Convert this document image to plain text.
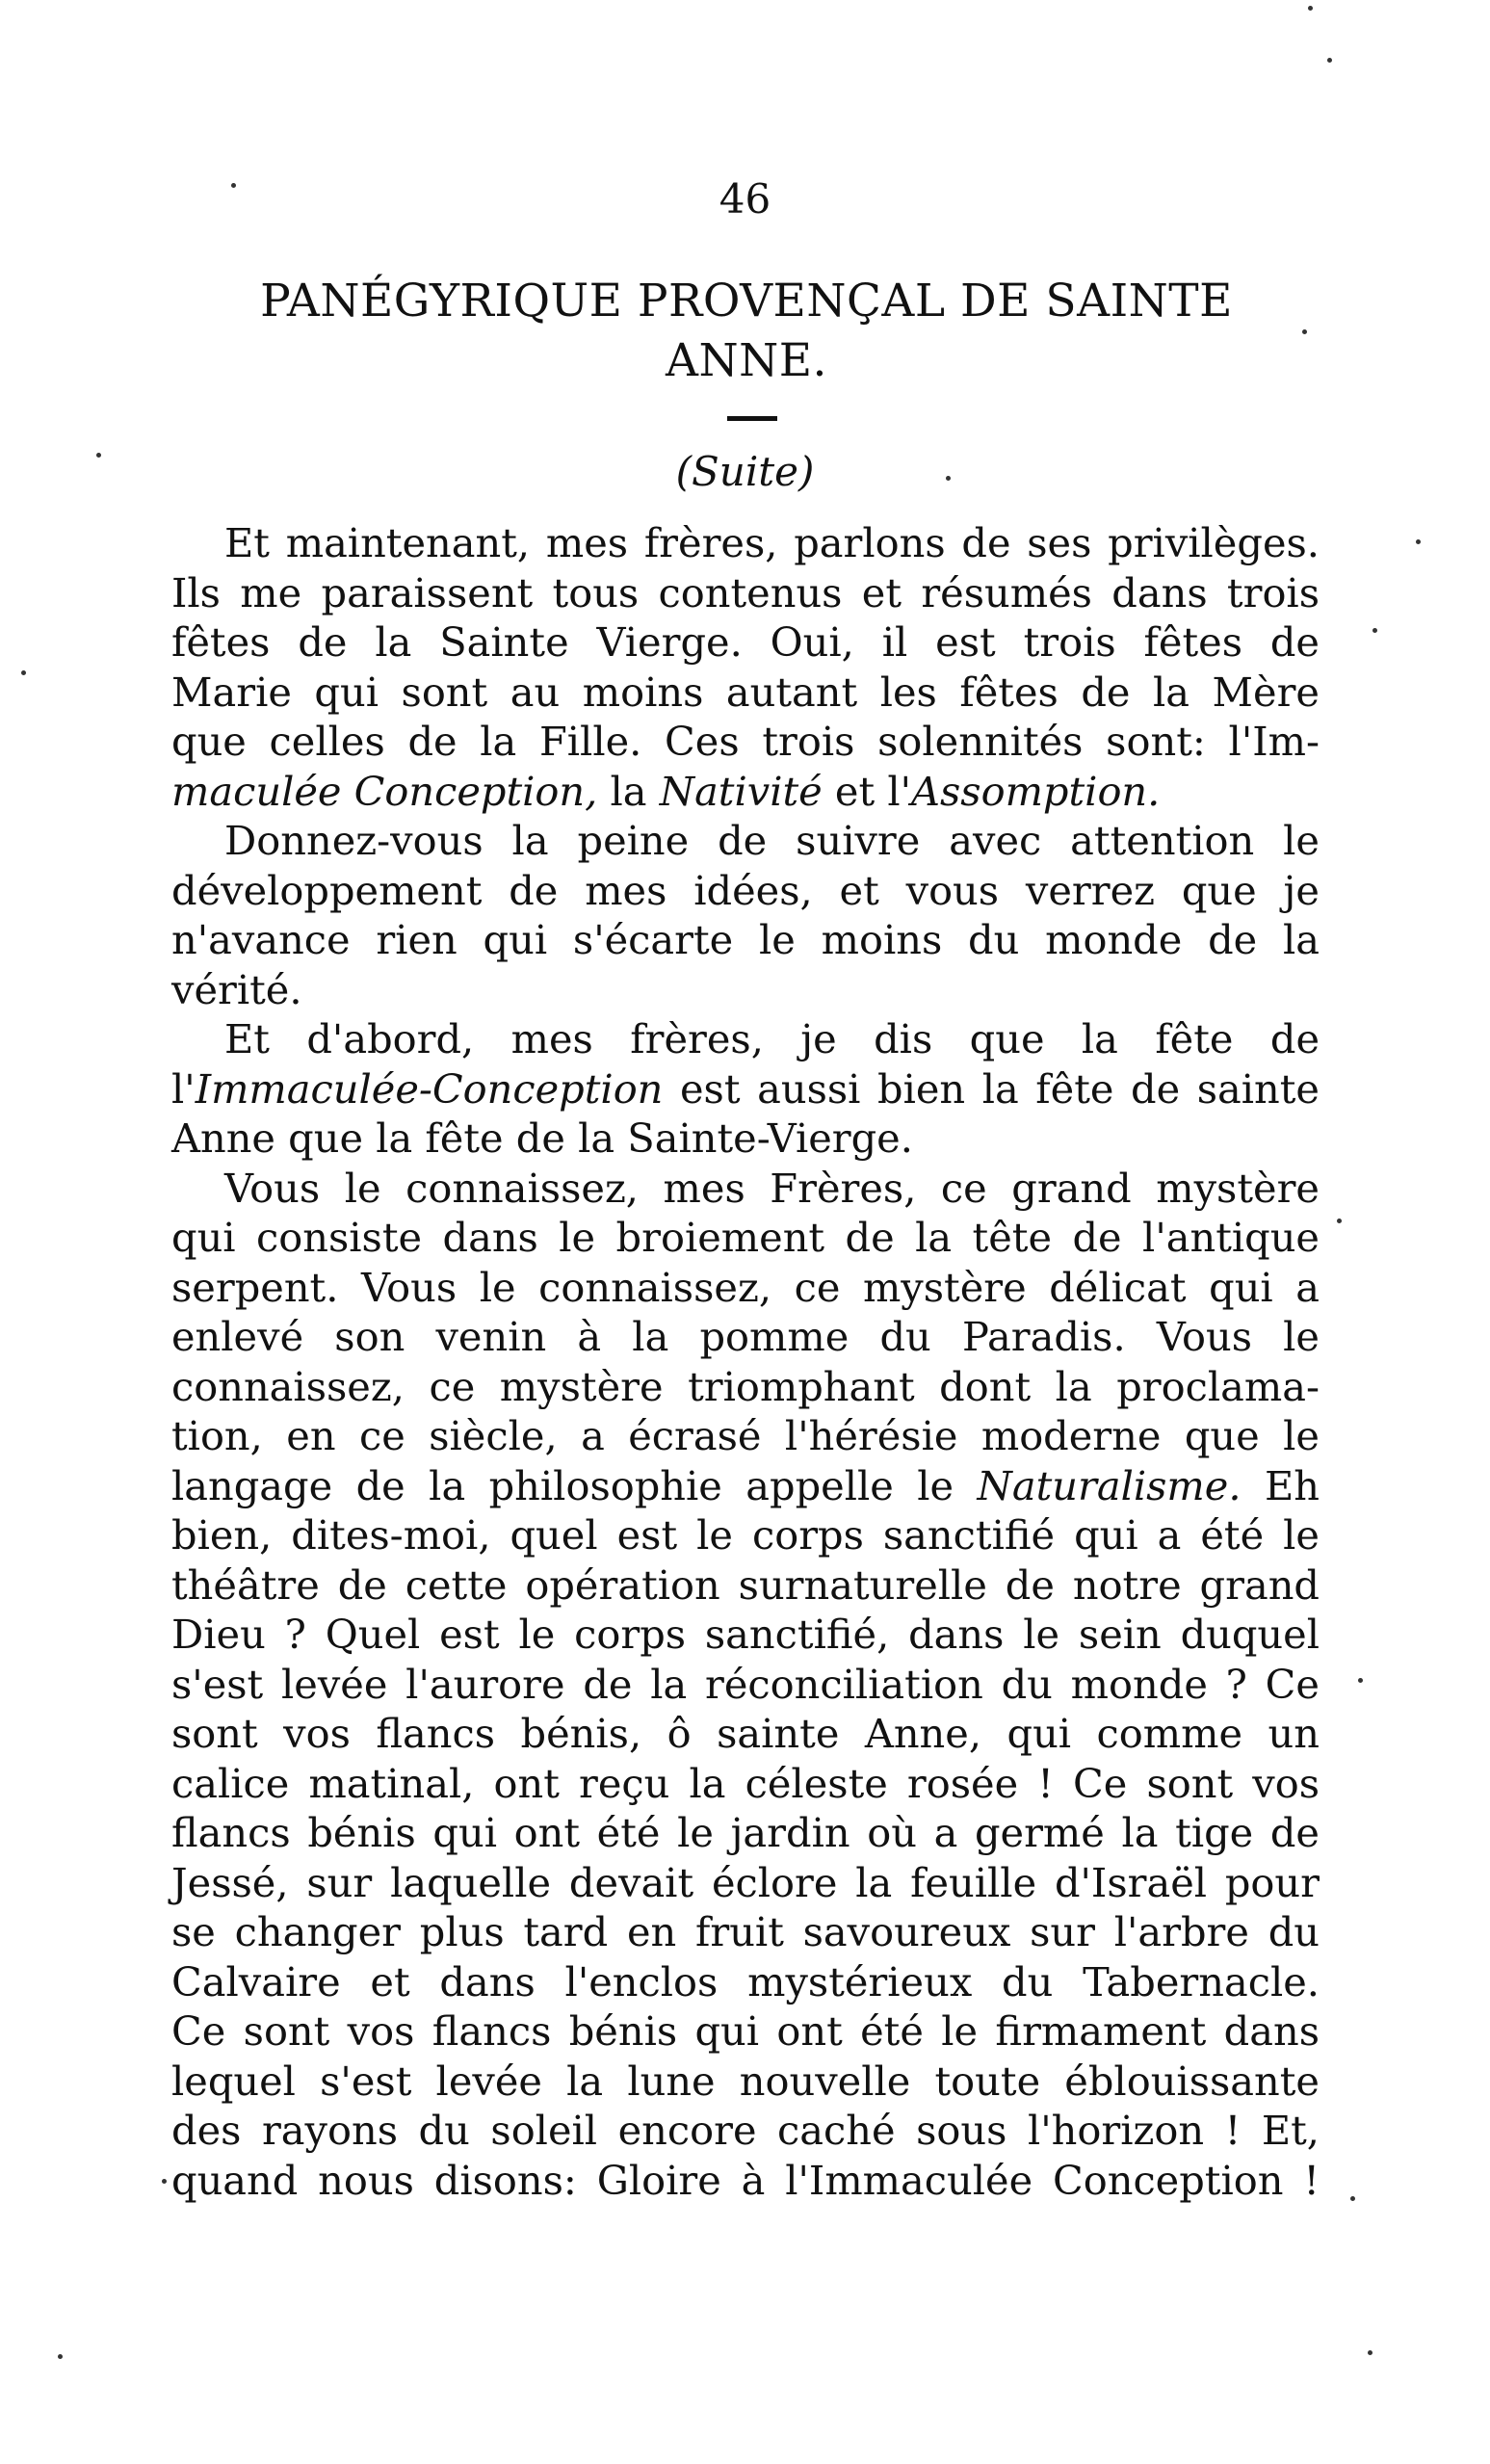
46
PANÉGYRIQUE PROVENÇAL DE SAINTE
ANNE.
(Suite)
Et maintenant, mes frères, parlons de ses privilèges.
Ils me paraissent tous contenus et résumés dans trois
fêtes de la Sainte Vierge. Oui, il est trois fêtes de
Marie qui sont au moins autant les fêtes de la Mère
que celles de la Fille. Ces trois solennités sont: l'Im-
maculée Conception, la Nativité et l'Assomption.
Donnez-vous la peine de suivre avec attention le
développement de mes idées, et vous verrez que je
n'avance rien qui s'écarte le moins du monde de la
vérité.
Et d'abord, mes frères, je dis que la fête de
l'Immaculée-Conception est aussi bien la fête de sainte
Anne que la fête de la Sainte-Vierge.
Vous le connaissez, mes Frères, ce grand mystère
qui consiste dans le broiement de la tête de l'antique
serpent. Vous le connaissez, ce mystère délicat qui a
enlevé son venin à la pomme du Paradis. Vous le
connaissez, ce mystère triomphant dont la proclama-
tion, en ce siècle, a écrasé l'hérésie moderne que le
langage de la philosophie appelle le Naturalisme. Eh
bien, dites-moi, quel est le corps sanctifié qui a été le
théâtre de cette opération surnaturelle de notre grand
Dieu ? Quel est le corps sanctifié, dans le sein duquel
s'est levée l'aurore de la réconciliation du monde ? Ce
sont vos flancs bénis, ô sainte Anne, qui comme un
calice matinal, ont reçu la céleste rosée ! Ce sont vos
flancs bénis qui ont été le jardin où a germé la tige de
Jessé, sur laquelle devait éclore la feuille d'Israël pour
se changer plus tard en fruit savoureux sur l'arbre du
Calvaire et dans l'enclos mystérieux du Tabernacle.
Ce sont vos flancs bénis qui ont été le firmament dans
lequel s'est levée la lune nouvelle toute éblouissante
des rayons du soleil encore caché sous l'horizon ! Et,
quand nous disons: Gloire à l'Immaculée Conception !
